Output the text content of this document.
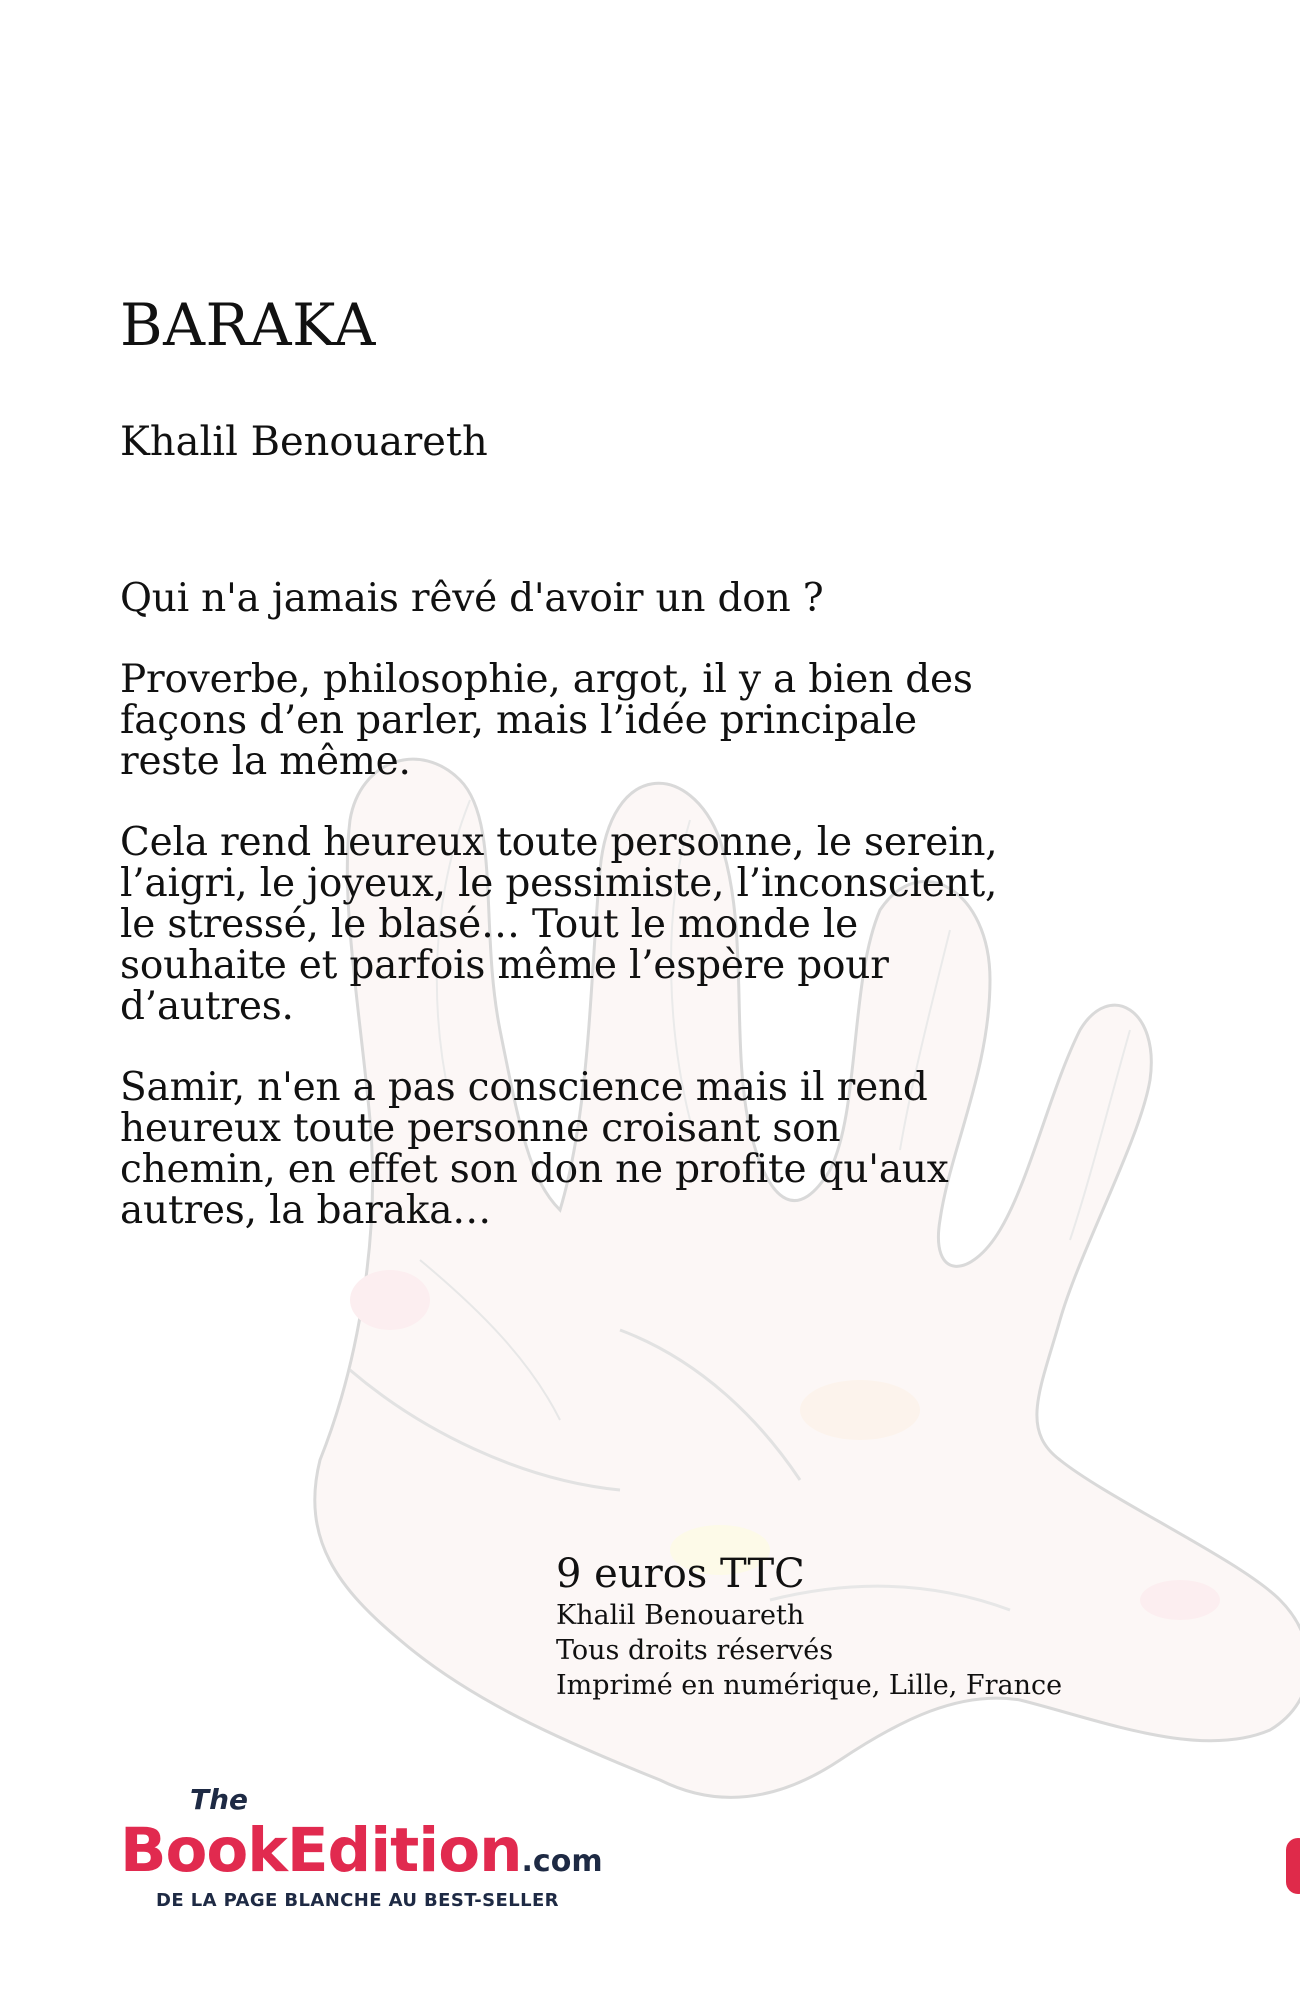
BARAKA
Khalil Benouareth

Qui n'a jamais rêvé d'avoir un don ?

Proverbe, philosophie, argot, il y a bien des façons d’en parler, mais l’idée principale reste la même.

Cela rend heureux toute personne, le serein, l’aigri, le joyeux, le pessimiste, l’inconscient, le stressé, le blasé… Tout le monde le souhaite et parfois même l’espère pour d’autres.

Samir, n'en a pas conscience mais il rend heureux toute personne croisant son chemin, en effet son don ne profite qu'aux autres, la baraka…

9 euros TTC
Khalil Benouareth
Tous droits réservés
Imprimé en numérique, Lille, France
The
BookEdition.com
DE LA PAGE BLANCHE AU BEST-SELLER
